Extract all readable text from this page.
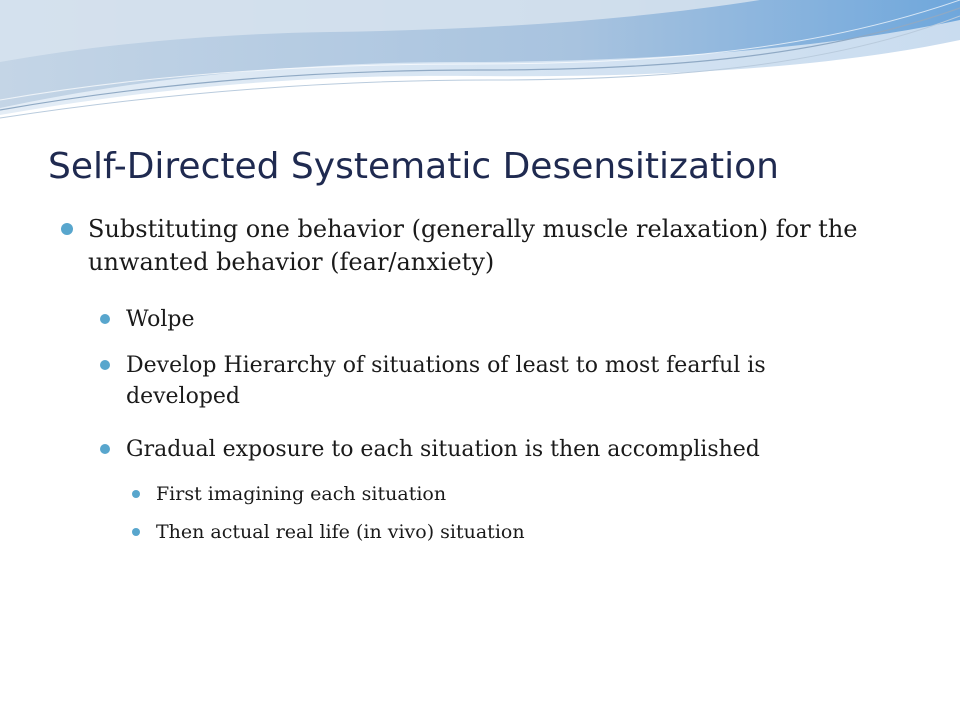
Self-Directed Systematic Desensitization

Substituting one behavior (generally muscle relaxation) for the unwanted behavior (fear/anxiety)

Wolpe

Develop Hierarchy of situations of least to most fearful is developed

Gradual exposure to each situation is then accomplished

First imagining each situation

Then actual real life (in vivo) situation
